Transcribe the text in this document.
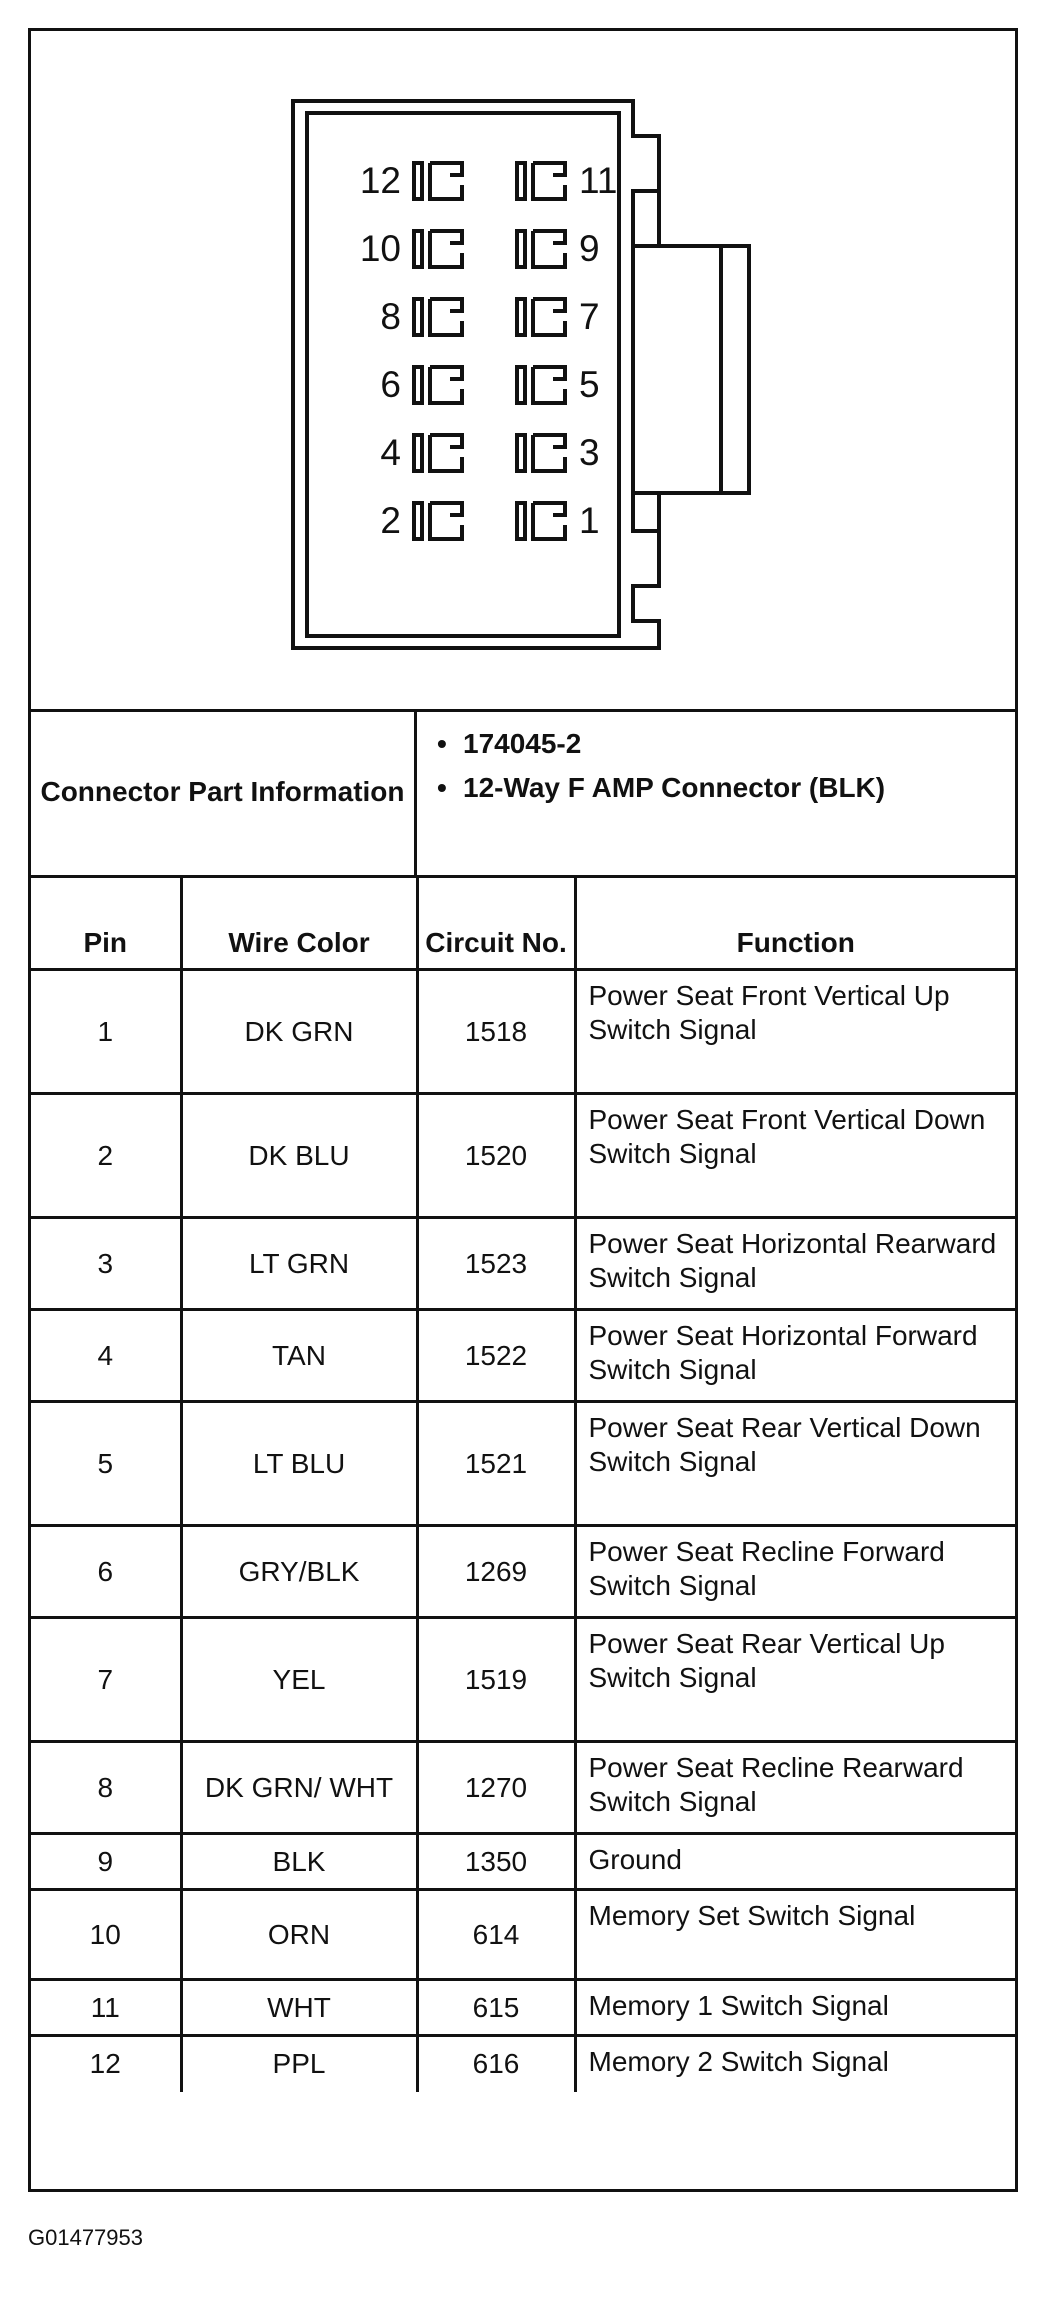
12	11
10	9
8	7
6	5
4	3
2	1
Connector Part Information
• 174045-2
• 12-Way F AMP Connector (BLK)
Pin	Wire Color	Circuit No.	Function
1	DK GRN	1518	Power Seat Front Vertical Up Switch Signal
2	DK BLU	1520	Power Seat Front Vertical Down Switch Signal
3	LT GRN	1523	Power Seat Horizontal Rearward Switch Signal
4	TAN	1522	Power Seat Horizontal Forward Switch Signal
5	LT BLU	1521	Power Seat Rear Vertical Down Switch Signal
6	GRY/BLK	1269	Power Seat Recline Forward Switch Signal
7	YEL	1519	Power Seat Rear Vertical Up Switch Signal
8	DK GRN/ WHT	1270	Power Seat Recline Rearward Switch Signal
9	BLK	1350	Ground
10	ORN	614	Memory Set Switch Signal
11	WHT	615	Memory 1 Switch Signal
12	PPL	616	Memory 2 Switch Signal
G01477953
